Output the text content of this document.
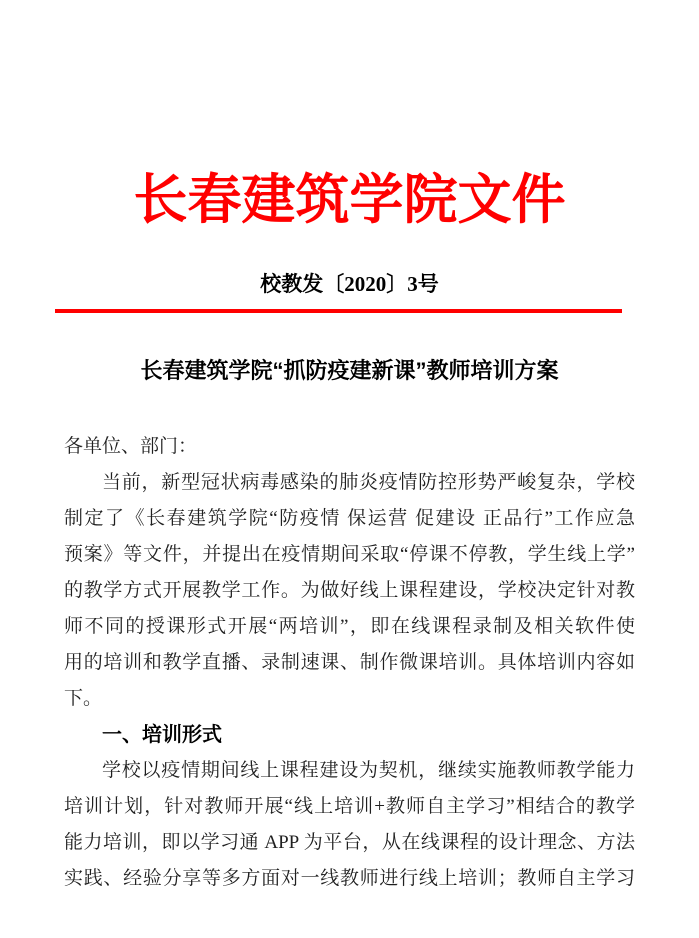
长春建筑学院文件
校教发〔2020〕3号
长春建筑学院“抓防疫建新课”教师培训方案
各单位、部门：
当前，新型冠状病毒感染的肺炎疫情防控形势严峻复杂，学校
制定了《长春建筑学院“防疫情 保运营 促建设 正品行”工作应急
预案》等文件，并提出在疫情期间采取“停课不停教，学生线上学”
的教学方式开展教学工作。为做好线上课程建设，学校决定针对教
师不同的授课形式开展“两培训”，即在线课程录制及相关软件使
用的培训和教学直播、录制速课、制作微课培训。具体培训内容如
下。
一、培训形式
学校以疫情期间线上课程建设为契机，继续实施教师教学能力
培训计划，针对教师开展“线上培训+教师自主学习”相结合的教学
能力培训，即以学习通 APP 为平台，从在线课程的设计理念、方法
实践、经验分享等多方面对一线教师进行线上培训；教师自主学习
